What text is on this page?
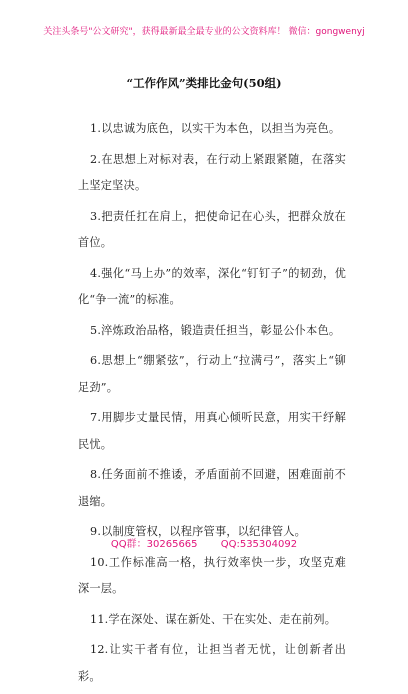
关注头条号"公文研究"，获得最新最全最专业的公文资料库！ 微信：gongwenyj
“工作作风”类排比金句(50组)

1.以忠诚为底色，以实干为本色，以担当为亮色。

2.在思想上对标对表，在行动上紧跟紧随，在落实上坚定坚决。

3.把责任扛在肩上，把使命记在心头，把群众放在首位。

4.强化“马上办”的效率，深化“钉钉子”的韧劲，优化“争一流”的标准。

5.淬炼政治品格，锻造责任担当，彰显公仆本色。

6.思想上“绷紧弦”，行动上“拉满弓”，落实上“铆足劲”。

7.用脚步丈量民情，用真心倾听民意，用实干纾解民忧。

8.任务面前不推诿，矛盾面前不回避，困难面前不退缩。

9.以制度管权，以程序管事，以纪律管人。

10.工作标准高一格，执行效率快一步，攻坚克难深一层。

11.学在深处、谋在新处、干在实处、走在前列。

12.让实干者有位，让担当者无忧，让创新者出彩。

QQ群：30265665 QQ:535304092
